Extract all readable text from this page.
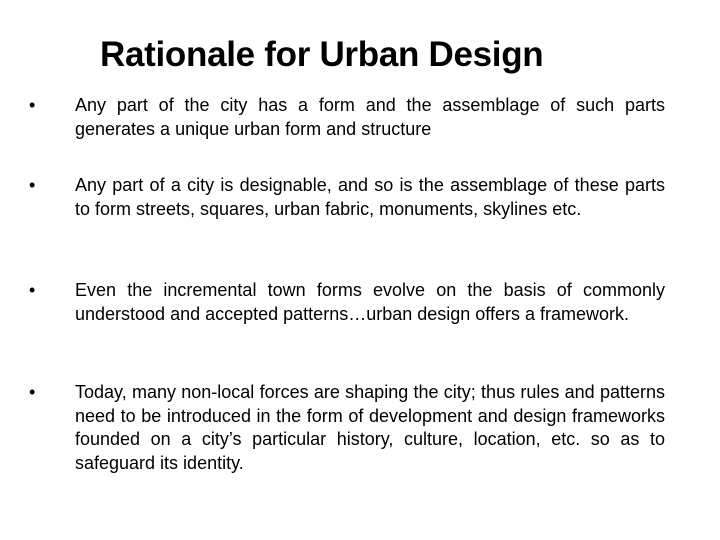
Rationale for Urban Design
• Any part of the city has a form and the assemblage of such parts generates a unique urban form and structure
• Any part of a city is designable, and so is the assemblage of these parts to form streets, squares, urban fabric, monuments, skylines etc.
• Even the incremental town forms evolve on the basis of commonly understood and accepted patterns…urban design offers a framework.
• Today, many non-local forces are shaping the city; thus rules and patterns need to be introduced in the form of development and design frameworks founded on a city’s particular history, culture, location, etc. so as to safeguard its identity.
